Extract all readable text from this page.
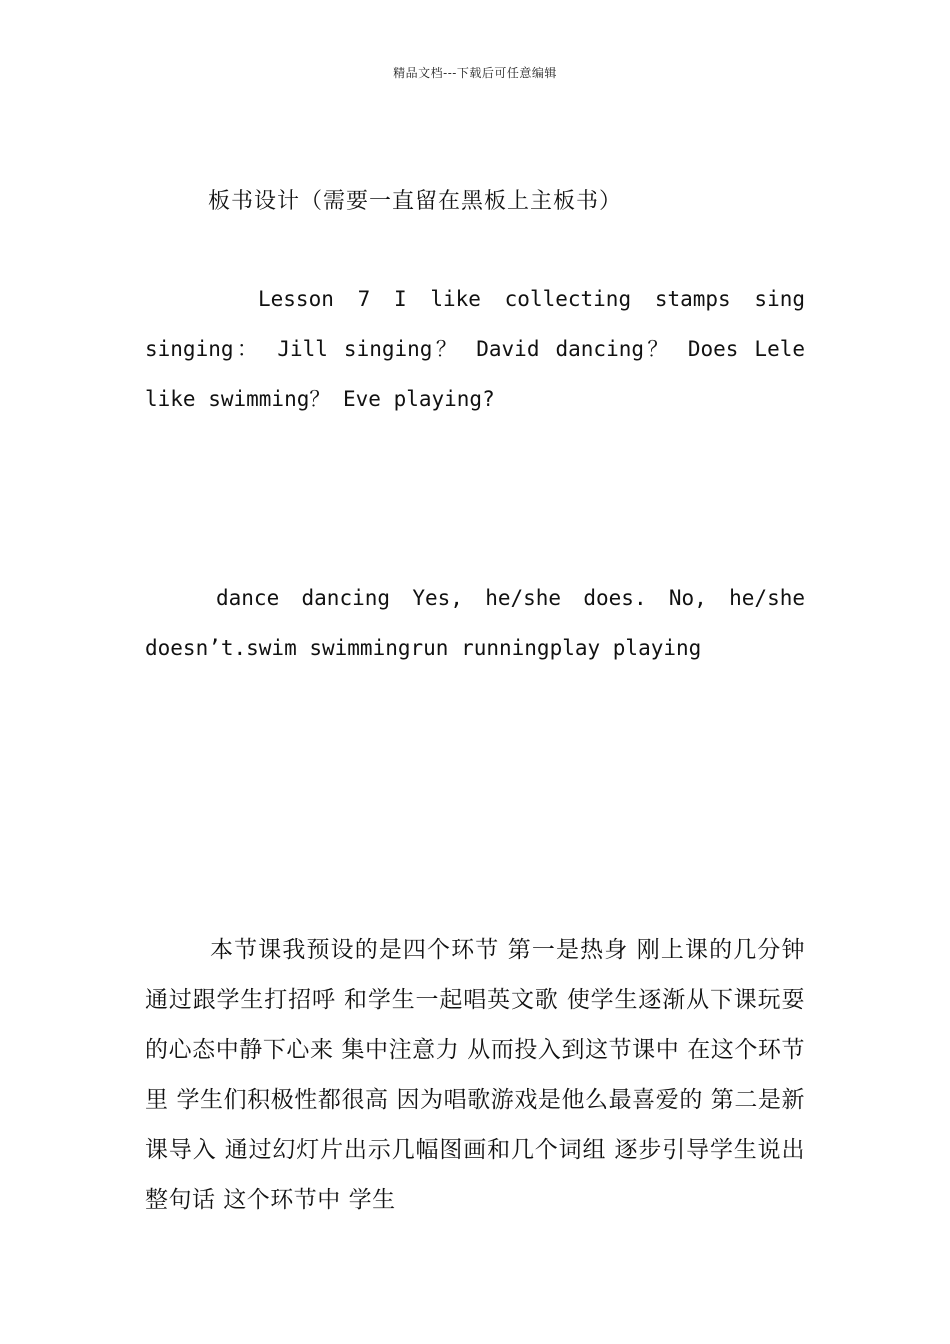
精品文档---下载后可任意编辑
板书设计（需要一直留在黑板上主板书）
Lesson 7 I like collecting stamps sing singing： Jill singing？ David dancing？ Does Lele like swimming？ Eve playing?
dance dancing Yes, he/she does. No, he/she doesn’t.swim swimmingrun runningplay playing
本节课我预设的是四个环节 第一是热身 刚上课的几分钟 通过跟学生打招呼 和学生一起唱英文歌 使学生逐渐从下课玩耍的心态中静下心来 集中注意力 从而投入到这节课中 在这个环节里 学生们积极性都很高 因为唱歌游戏是他么最喜爱的 第二是新课导入 通过幻灯片出示几幅图画和几个词组 逐步引导学生说出整句话 这个环节中 学生
